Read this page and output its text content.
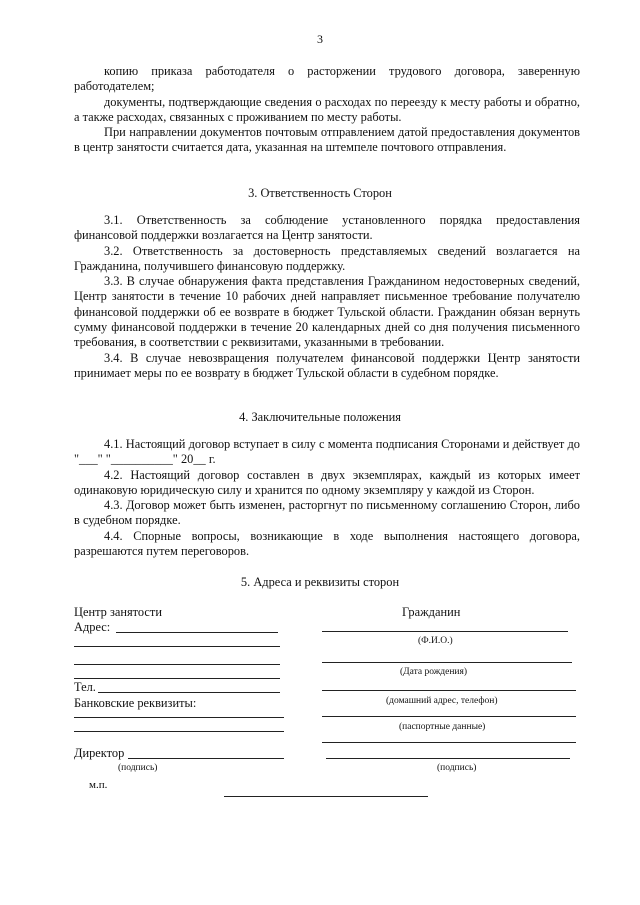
3

копию приказа работодателя о расторжении трудового договора, заверенную работодателем;

документы, подтверждающие сведения о расходах по переезду к месту работы и обратно, а также расходах, связанных с проживанием по месту работы.

При направлении документов почтовым отправлением датой предоставления документов в центр занятости считается дата, указанная на штемпеле почтового отправления.

3. Ответственность Сторон

3.1. Ответственность за соблюдение установленного порядка предоставления финансовой поддержки возлагается на Центр занятости.

3.2. Ответственность за достоверность представляемых сведений возлагается на Гражданина, получившего финансовую поддержку.

3.3. В случае обнаружения факта представления Гражданином недостоверных сведений, Центр занятости в течение 10 рабочих дней направляет письменное требование получателю финансовой поддержки об ее возврате в бюджет Тульской области. Гражданин обязан вернуть сумму финансовой поддержки в течение 20 календарных дней со дня получения письменного требования, в соответствии с реквизитами, указанными в требовании.

3.4. В случае невозвращения получателем финансовой поддержки Центр занятости принимает меры по ее возврату в бюджет Тульской области в судебном порядке.

4. Заключительные положения

4.1. Настоящий договор вступает в силу с момента подписания Сторонами и действует до "___" "__________" 20__ г.

4.2. Настоящий договор составлен в двух экземплярах, каждый из которых имеет одинаковую юридическую силу и хранится по одному экземпляру у каждой из Сторон.

4.3. Договор может быть изменен, расторгнут по письменному соглашению Сторон, либо в судебном порядке.

4.4. Спорные вопросы, возникающие в ходе выполнения настоящего договора, разрешаются путем переговоров.

5. Адреса и реквизиты сторон
Центр занятости
Адрес:
Тел.
Банковские реквизиты:
Директор
(подпись)
м.п.
Гражданин
(Ф.И.О.)
(Дата рождения)
(домашний адрес, телефон)
(паспортные данные)
(подпись)
